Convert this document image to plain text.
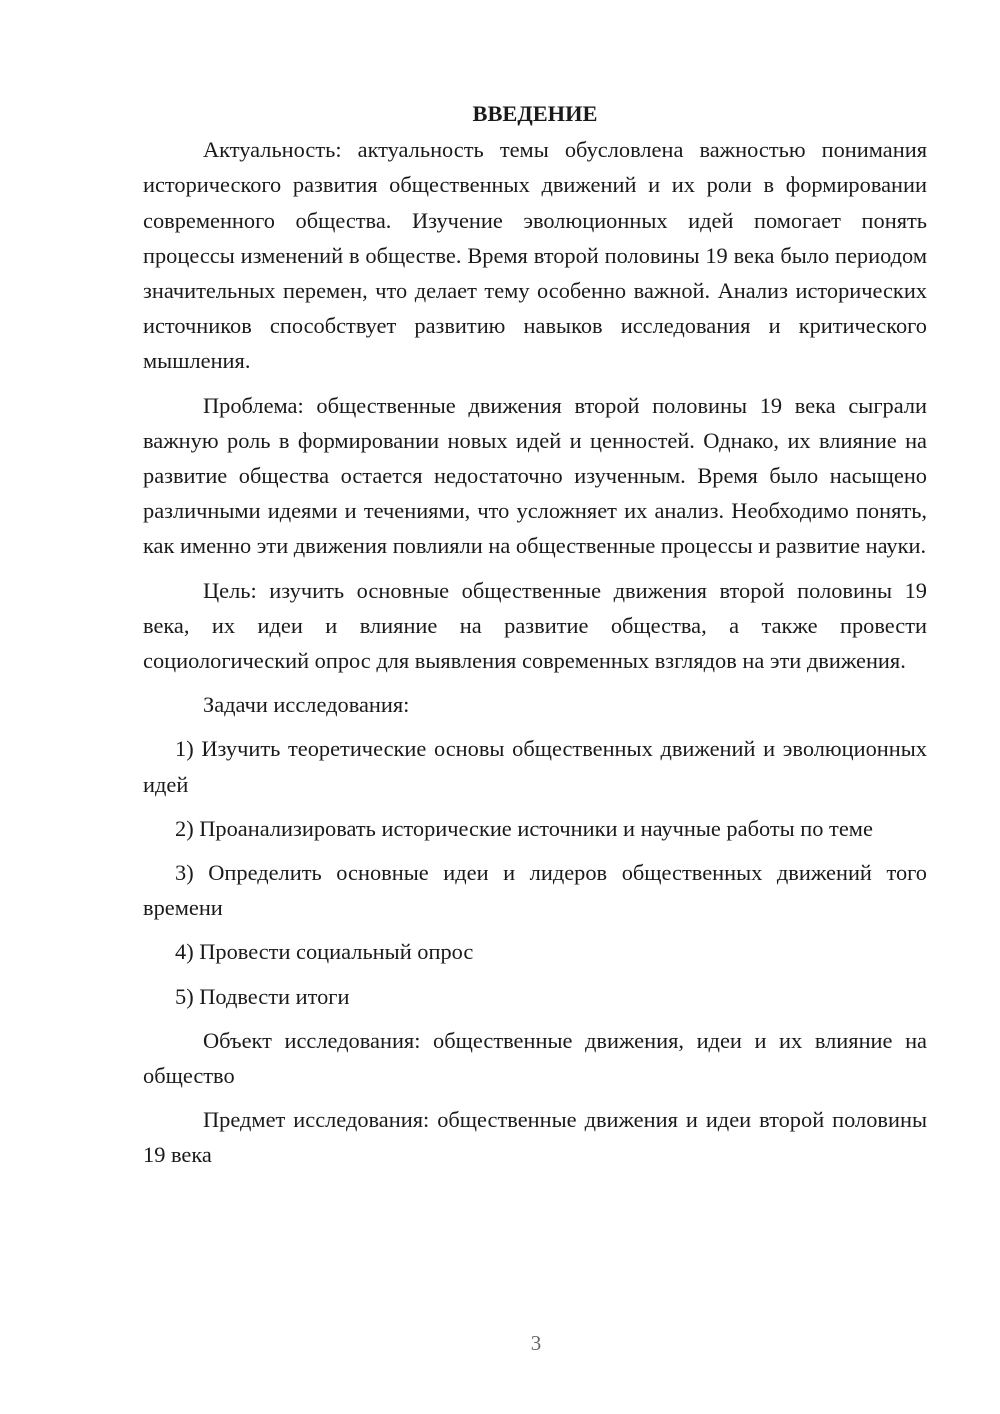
ВВЕДЕНИЕ

Актуальность: актуальность темы обусловлена важностью понимания исторического развития общественных движений и их роли в формировании современного общества. Изучение эволюционных идей помогает понять процессы изменений в обществе. Время второй половины 19 века было периодом значительных перемен, что делает тему особенно важной. Анализ исторических источников способствует развитию навыков исследования и критического мышления.

Проблема: общественные движения второй половины 19 века сыграли важную роль в формировании новых идей и ценностей. Однако, их влияние на развитие общества остается недостаточно изученным. Время было насыщено различными идеями и течениями, что усложняет их анализ. Необходимо понять, как именно эти движения повлияли на общественные процессы и развитие науки.

Цель: изучить основные общественные движения второй половины 19 века, их идеи и влияние на развитие общества, а также провести социологический опрос для выявления современных взглядов на эти движения.

Задачи исследования:

1) Изучить теоретические основы общественных движений и эволюционных идей

2) Проанализировать исторические источники и научные работы по теме

3) Определить основные идеи и лидеров общественных движений того времени

4) Провести социальный опрос

5) Подвести итоги

Объект исследования: общественные движения, идеи и их влияние на общество

Предмет исследования: общественные движения и идеи второй половины 19 века

3
